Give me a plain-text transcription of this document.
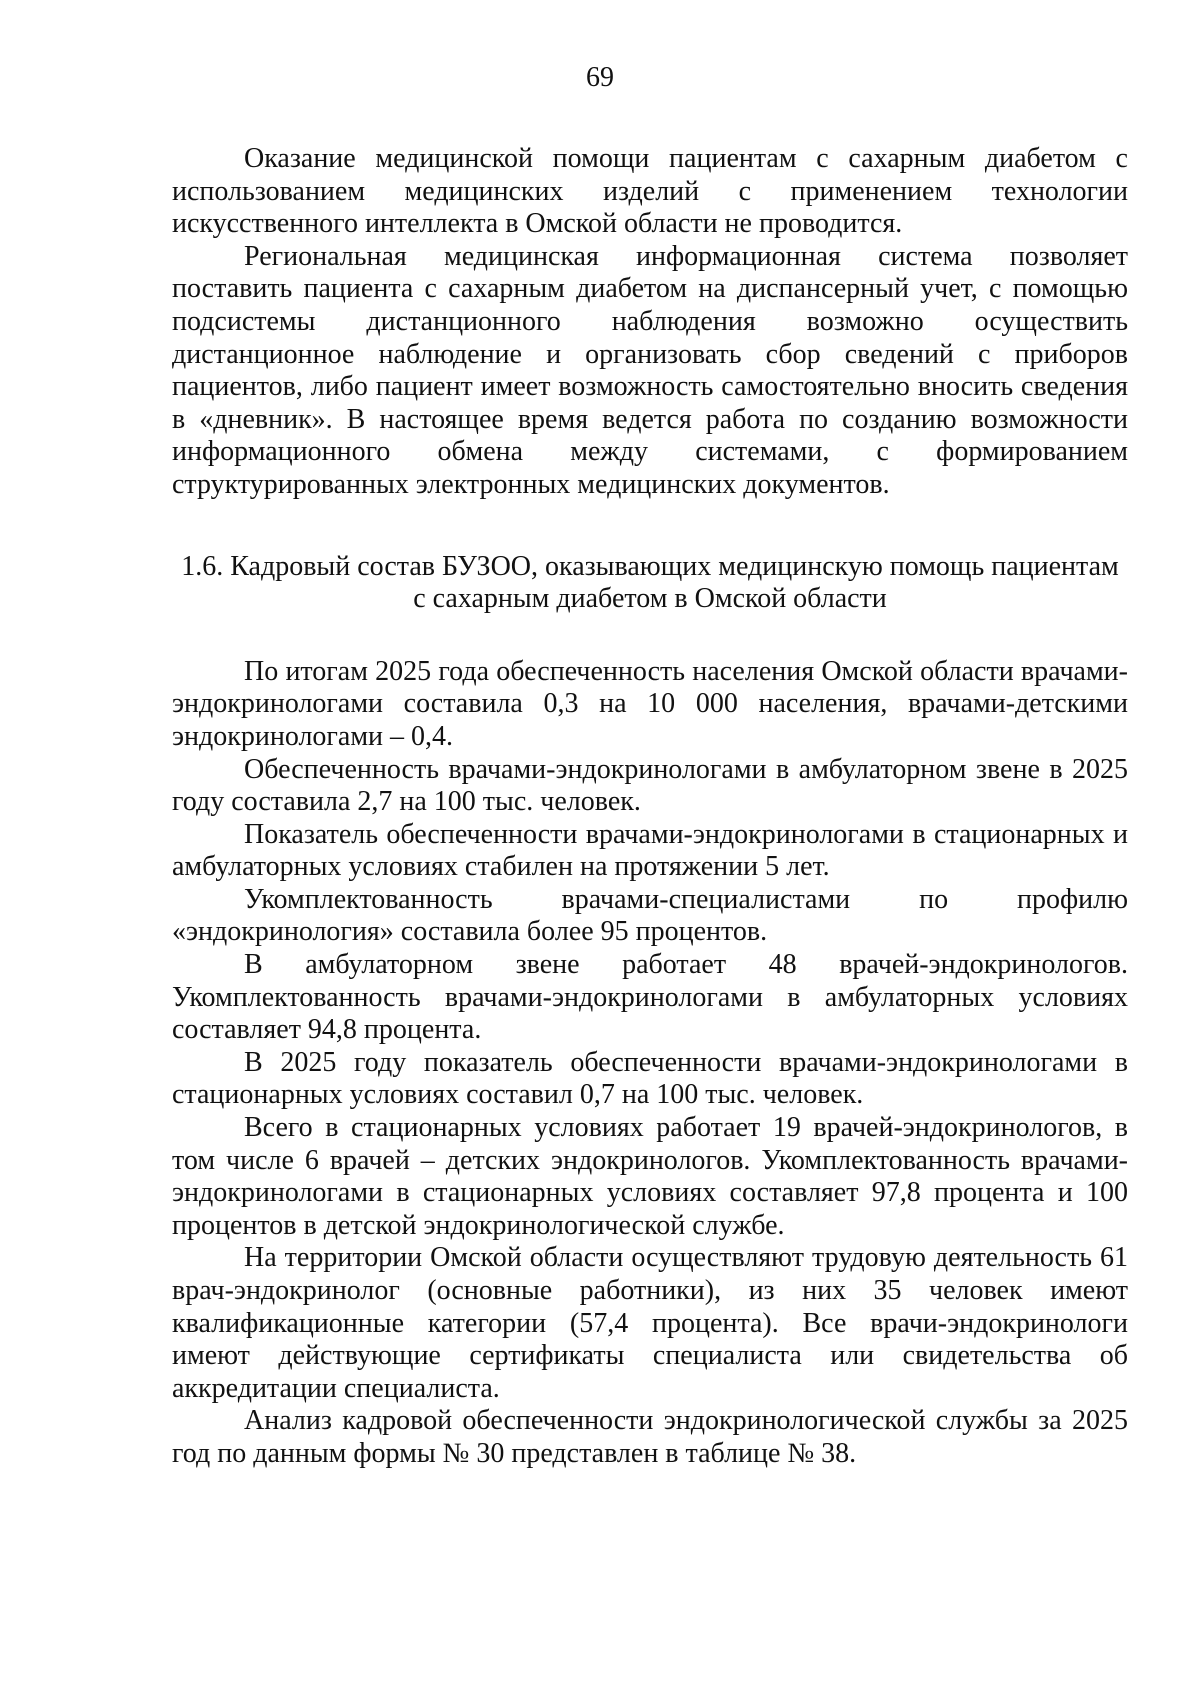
69

Оказание медицинской помощи пациентам с сахарным диабетом с использованием медицинских изделий с применением технологии искусственного интеллекта в Омской области не проводится.

Региональная медицинская информационная система позволяет поставить пациента с сахарным диабетом на диспансерный учет, с помощью подсистемы дистанционного наблюдения возможно осуществить дистанционное наблюдение и организовать сбор сведений с приборов пациентов, либо пациент имеет возможность самостоятельно вносить сведения в «дневник». В настоящее время ведется работа по созданию возможности информационного обмена между системами, с формированием структурированных электронных медицинских документов.

1.6. Кадровый состав БУЗОО, оказывающих медицинскую помощь пациентам

с сахарным диабетом в Омской области

По итогам 2025 года обеспеченность населения Омской области врачами-эндокринологами составила 0,3 на 10 000 населения, врачами-детскими эндокринологами – 0,4.

Обеспеченность врачами-эндокринологами в амбулаторном звене в 2025 году составила 2,7 на 100 тыс. человек.

Показатель обеспеченности врачами-эндокринологами в стационарных и амбулаторных условиях стабилен на протяжении 5 лет.

Укомплектованность врачами-специалистами по профилю «эндокринология» составила более 95 процентов.

В амбулаторном звене работает 48 врачей-эндокринологов. Укомплектованность врачами-эндокринологами в амбулаторных условиях составляет 94,8 процента.

В 2025 году показатель обеспеченности врачами-эндокринологами в стационарных условиях составил 0,7 на 100 тыс. человек.

Всего в стационарных условиях работает 19 врачей-эндокринологов, в том числе 6 врачей – детских эндокринологов. Укомплектованность врачами-эндокринологами в стационарных условиях составляет 97,8 процента и 100 процентов в детской эндокринологической службе.

На территории Омской области осуществляют трудовую деятельность 61 врач-эндокринолог (основные работники), из них 35 человек имеют квалификационные категории (57,4 процента). Все врачи-эндокринологи имеют действующие сертификаты специалиста или свидетельства об аккредитации специалиста.

Анализ кадровой обеспеченности эндокринологической службы за 2025 год по данным формы № 30 представлен в таблице № 38.
